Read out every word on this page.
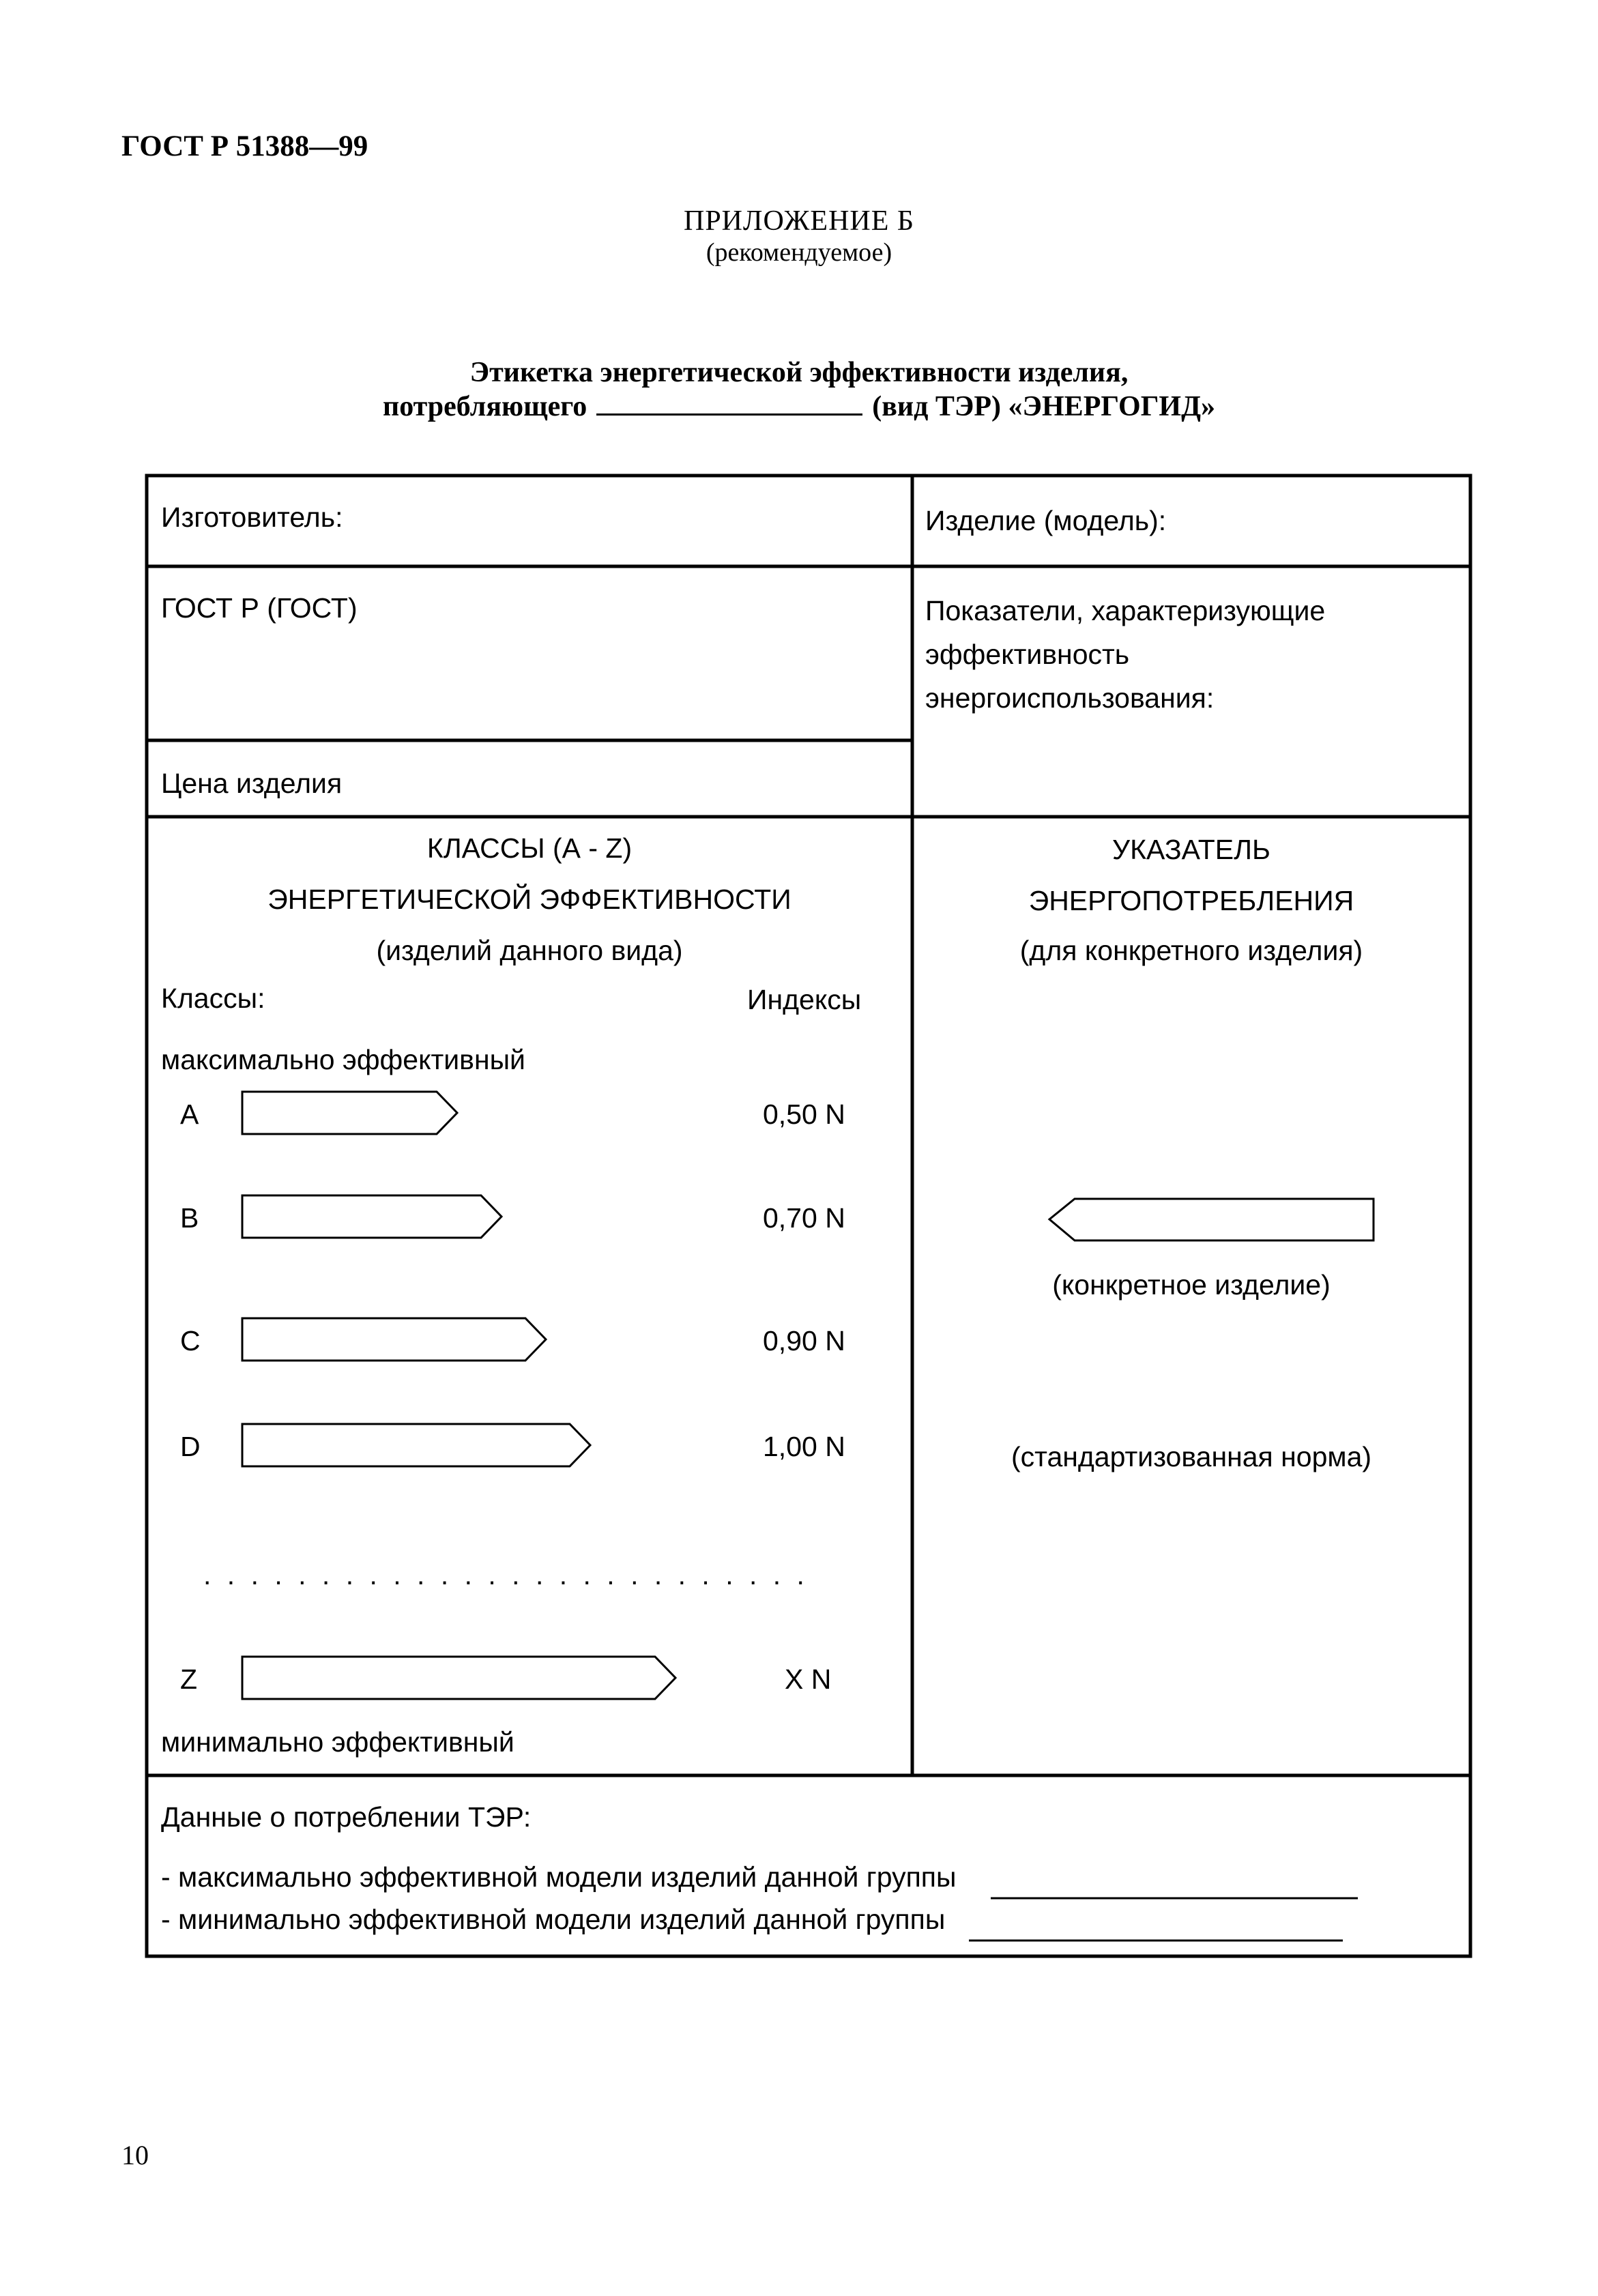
ГОСТ Р 51388—99
ПРИЛОЖЕНИЕ Б
(рекомендуемое)
Этикетка энергетической эффективности изделия,
потребляющего	(вид ТЭР) «ЭНЕРГОГИД»
Изготовитель:	Изделие (модель):
ГОСТ Р (ГОСТ)	Показатели, характеризующие
эффективность
энергоиспользования:
Цена изделия
КЛАССЫ (А - Z)
ЭНЕРГЕТИЧЕСКОЙ ЭФФЕКТИВНОСТИ
(изделий данного вида)
Классы:	Индексы
максимально эффективный
А	0,50 N
В	0,70 N
С	0,90 N
D	1,00 N
. . . . . . . . . . . . . . . . . . . . . . . . . .
Z	X N
минимально эффективный
УКАЗАТЕЛЬ
ЭНЕРГОПОТРЕБЛЕНИЯ
(для конкретного изделия)
(конкретное изделие)
(стандартизованная норма)
Данные о потреблении ТЭР:
- максимально эффективной модели изделий данной группы
- минимально эффективной модели изделий данной группы
10
